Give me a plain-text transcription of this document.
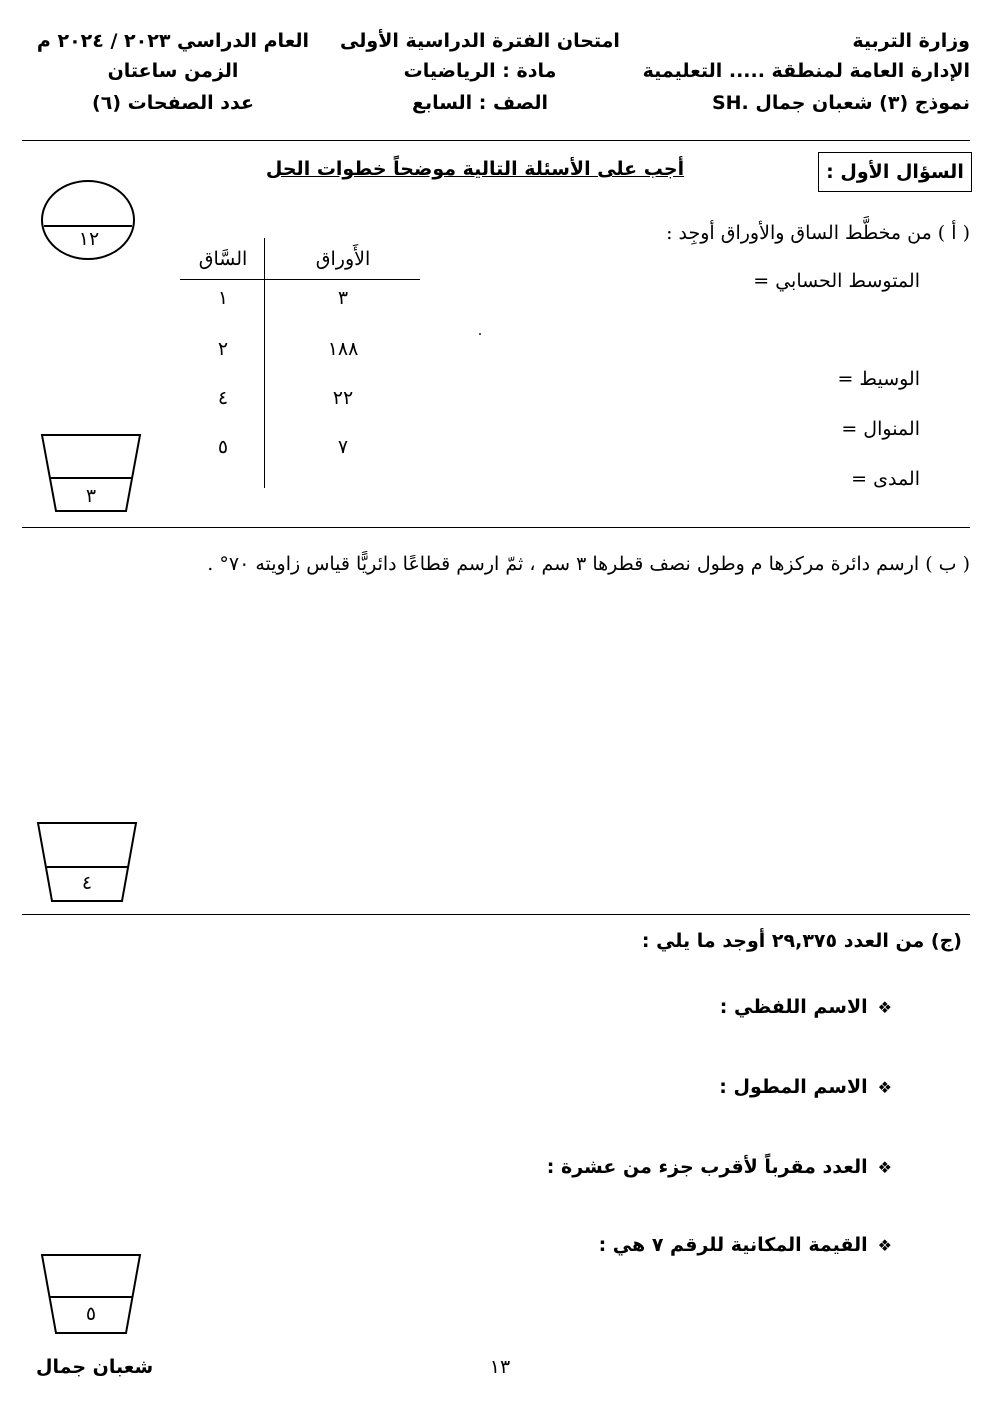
وزارة التربية
الإدارة العامة لمنطقة ..... التعليمية
نموذج (٣) شعبان جمال .SH
امتحان الفترة الدراسية الأولى
مادة : الرياضيات
الصف : السابع
العام الدراسي ٢٠٢٣ / ٢٠٢٤ م
الزمن ساعتان
عدد الصفحات (٦)
السؤال الأول :
أجب على الأسئلة التالية موضحاً خطوات الحل
١٢	( أ ) من مخطَّط الساق والأوراق أوجِد :
المتوسط الحسابي =
الوسيط =
المنوال =
المدى =
السَّاق	الأَوراق
١	٣
٢	١٨٨
٤	٢٢
٥	٧
٣
( ب ) ارسم دائرة مركزها م وطول نصف قطرها ٣ سم ، ثمّ ارسم قطاعًا دائريًّا قياس زاويته ٧٠° .
٤
(ج) من العدد ٢٩,٣٧٥ أوجد ما يلي :
❖الاسم اللفظي :
❖الاسم المطول :
❖العدد مقرباً لأقرب جزء من عشرة :
❖القيمة المكانية للرقم ٧ هي :
٥
شعبان جمال	١٣
